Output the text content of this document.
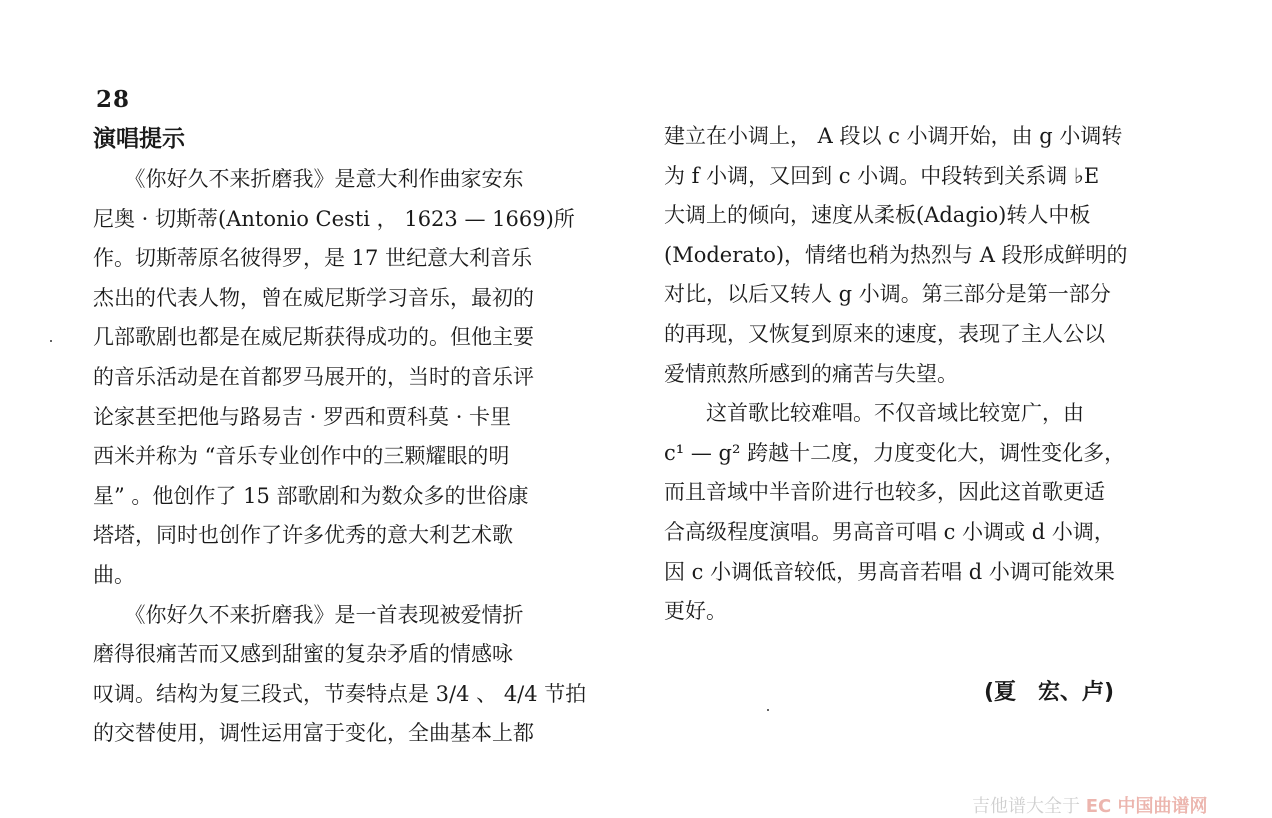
28
演唱提示
　　《你好久不来折磨我》是意大利作曲家安东
尼奥 · 切斯蒂(Antonio Cesti ， 1623 — 1669)所
作。切斯蒂原名彼得罗，是 17 世纪意大利音乐
杰出的代表人物，曾在威尼斯学习音乐，最初的
几部歌剧也都是在威尼斯获得成功的。但他主要
的音乐活动是在首都罗马展开的，当时的音乐评
论家甚至把他与路易吉 · 罗西和贾科莫 · 卡里
西米并称为 “音乐专业创作中的三颗耀眼的明
星” 。他创作了 15 部歌剧和为数众多的世俗康
塔塔，同时也创作了许多优秀的意大利艺术歌
曲。
　　《你好久不来折磨我》是一首表现被爱情折
磨得很痛苦而又感到甜蜜的复杂矛盾的情感咏
叹调。结构为复三段式，节奏特点是 3/4 、 4/4 节拍
的交替使用，调性运用富于变化，全曲基本上都
建立在小调上， A 段以 c 小调开始，由 g 小调转
为 f 小调，又回到 c 小调。中段转到关系调 ♭E
大调上的倾向，速度从柔板(Adagio)转人中板
(Moderato)，情绪也稍为热烈与 A 段形成鲜明的
对比，以后又转人 g 小调。第三部分是第一部分
的再现，又恢复到原来的速度，表现了主人公以
爱情煎熬所感到的痛苦与失望。
　　这首歌比较难唱。不仅音域比较宽广，由
c¹ — g² 跨越十二度，力度变化大，调性变化多，
而且音域中半音阶进行也较多，因此这首歌更适
合高级程度演唱。男高音可唱 c 小调或 d 小调，
因 c 小调低音较低，男高音若唱 d 小调可能效果
更好。
(夏　宏、卢)
吉他谱大全于 EC 中国曲谱网
